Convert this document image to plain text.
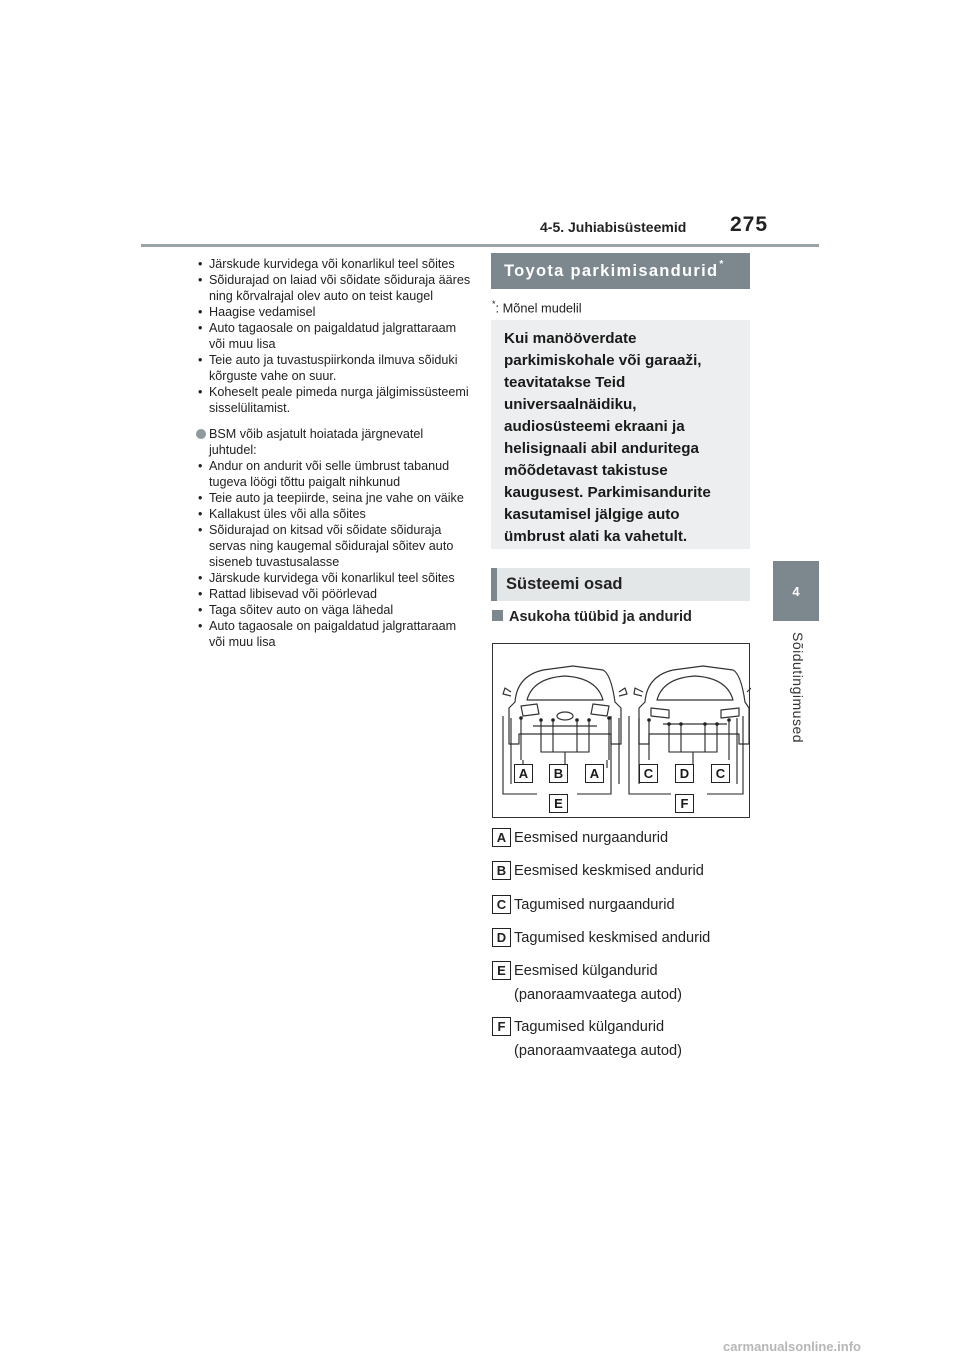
4-5. Juhiabisüsteemid 275
4
Sõidutingimused
• Järskude kurvidega või konarlikul teel sõites
• Sõidurajad on laiad või sõidate sõiduraja ääres ning kõrvalrajal olev auto on teist kaugel
• Haagise vedamisel
• Auto tagaosale on paigaldatud jalgrattaraam või muu lisa
• Teie auto ja tuvastuspiirkonda ilmuva sõiduki kõrguste vahe on suur.
• Koheselt peale pimeda nurga jälgimissüsteemi sisselülitamist.
BSM võib asjatult hoiatada järgnevatel juhtudel:
• Andur on andurit või selle ümbrust tabanud tugeva löögi tõttu paigalt nihkunud
• Teie auto ja teepiirde, seina jne vahe on väike
• Kallakust üles või alla sõites
• Sõidurajad on kitsad või sõidate sõiduraja servas ning kaugemal sõidurajal sõitev auto siseneb tuvastusalasse
• Järskude kurvidega või konarlikul teel sõites
• Rattad libisevad või pöörlevad
• Taga sõitev auto on väga lähedal
• Auto tagaosale on paigaldatud jalgrattaraam või muu lisa
Toyota parkimisandurid *
*: Mõnel mudelil
Kui manööverdate parkimiskohale või garaaži, teavitatakse Teid universaalnäidiku, audiosüsteemi ekraani ja helisignaali abil anduritega mõõdetavast takistuse kaugusest. Parkimisandurite kasutamisel jälgige auto ümbrust alati ka vahetult.
Süsteemi osad
Asukoha tüübid ja andurid
A	B	A	C	D	C
E	F
A Eesmised nurgaandurid
B Eesmised keskmised andurid
C Tagumised nurgaandurid
D Tagumised keskmised andurid
E Eesmised külgandurid (panoraamvaatega autod)
F Tagumised külgandurid (panoraamvaatega autod)
carmanualsonline.info
